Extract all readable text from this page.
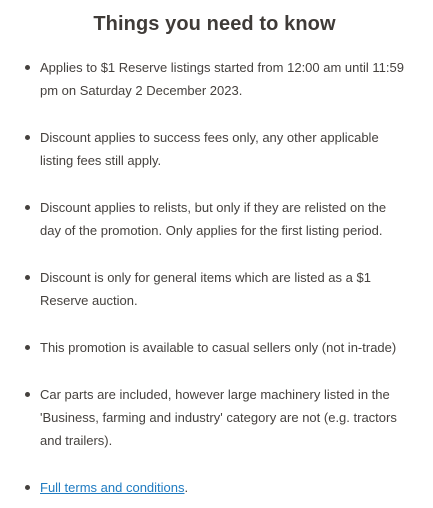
Things you need to know
Applies to $1 Reserve listings started from 12:00 am until 11:59 pm on Saturday 2 December 2023.
Discount applies to success fees only, any other applicable listing fees still apply.
Discount applies to relists, but only if they are relisted on the day of the promotion. Only applies for the first listing period.
Discount is only for general items which are listed as a $1 Reserve auction.
This promotion is available to casual sellers only (not in-trade)
Car parts are included, however large machinery listed in the 'Business, farming and industry' category are not (e.g. tractors and trailers).
Full terms and conditions.
